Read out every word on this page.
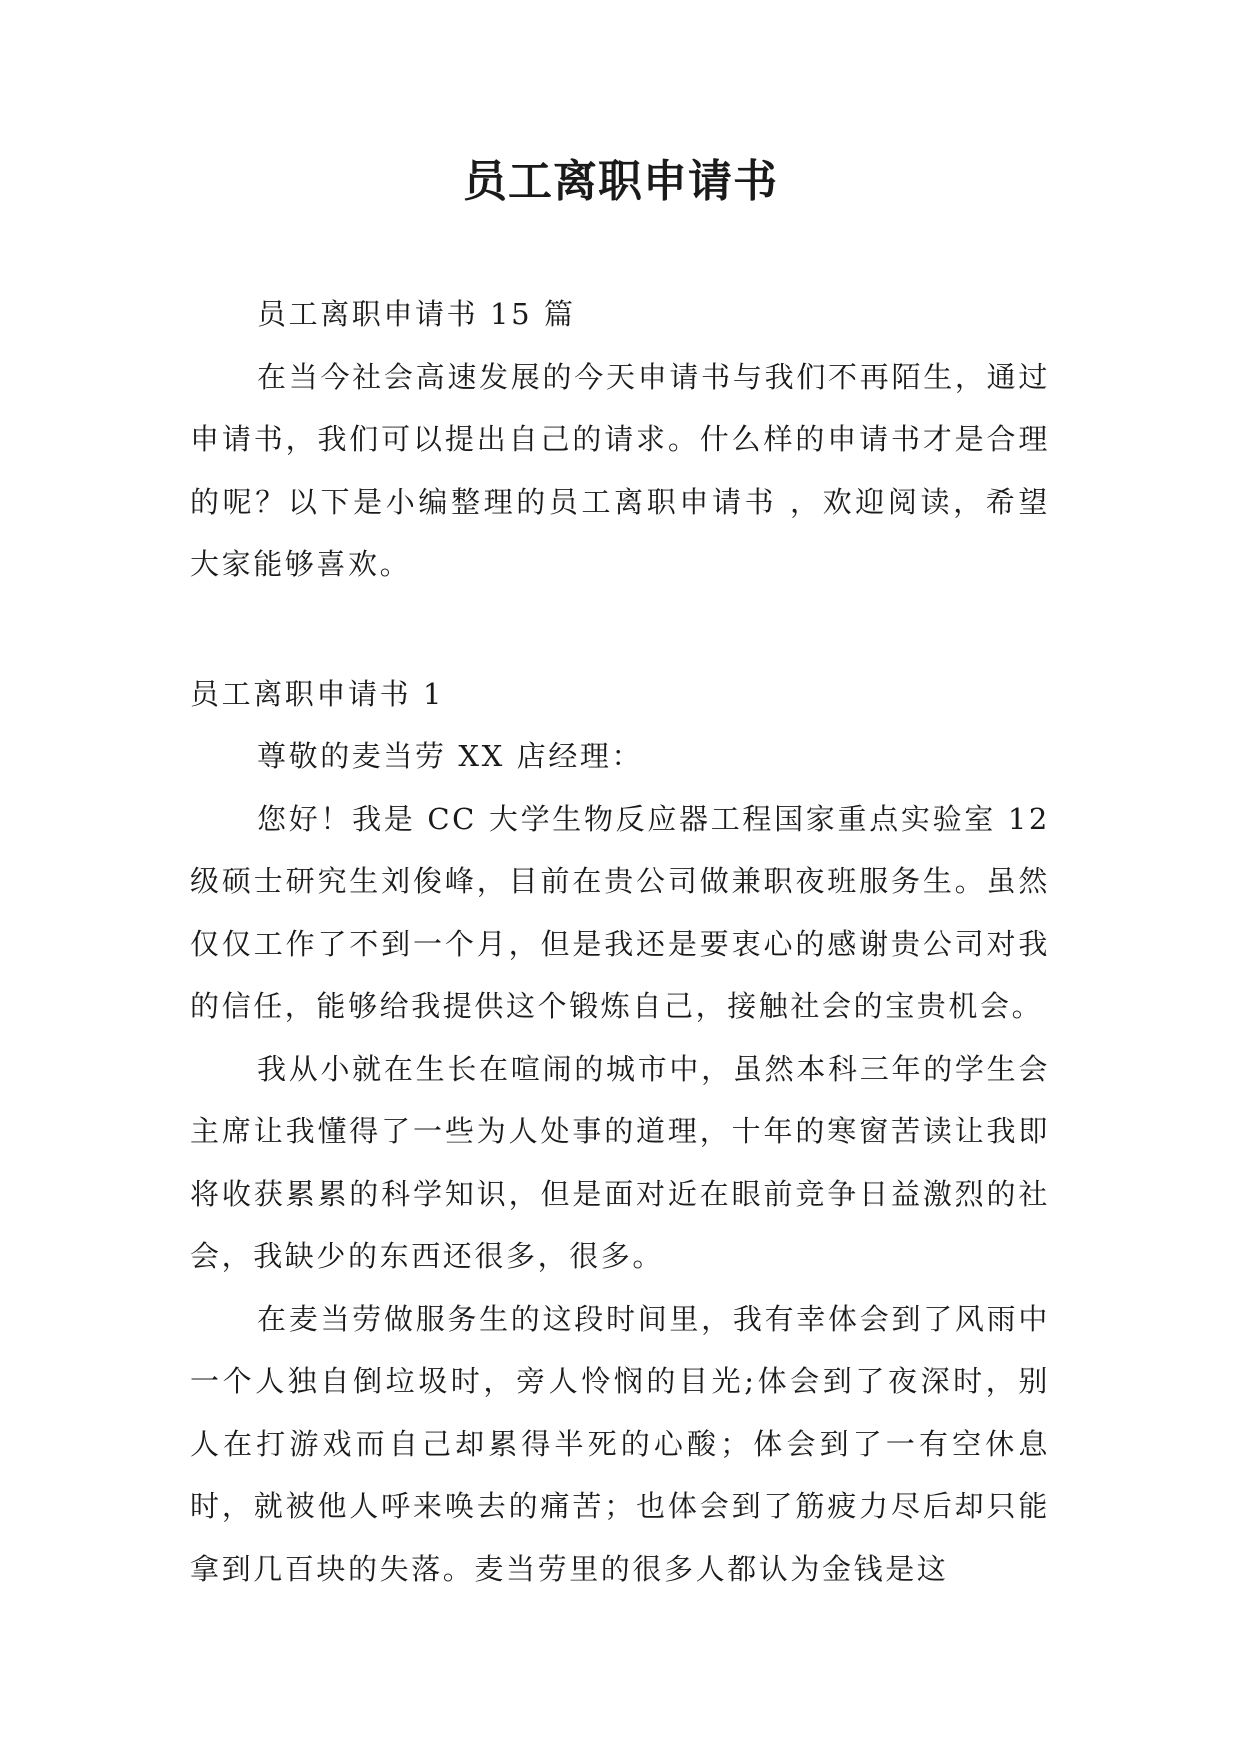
员工离职申请书

员工离职申请书 15 篇

在当今社会高速发展的今天申请书与我们不再陌生，通过申请书，我们可以提出自己的请求。什么样的申请书才是合理的呢？以下是小编整理的员工离职申请书 ，欢迎阅读，希望大家能够喜欢。

员工离职申请书 1

尊敬的麦当劳 XX 店经理：

您好！我是 CC 大学生物反应器工程国家重点实验室 12 级硕士研究生刘俊峰，目前在贵公司做兼职夜班服务生。虽然仅仅工作了不到一个月，但是我还是要衷心的感谢贵公司对我的信任，能够给我提供这个锻炼自己，接触社会的宝贵机会。

我从小就在生长在喧闹的城市中，虽然本科三年的学生会主席让我懂得了一些为人处事的道理，十年的寒窗苦读让我即将收获累累的科学知识，但是面对近在眼前竞争日益激烈的社会，我缺少的东西还很多，很多。

在麦当劳做服务生的这段时间里，我有幸体会到了风雨中一个人独自倒垃圾时，旁人怜悯的目光;体会到了夜深时，别人在打游戏而自己却累得半死的心酸；体会到了一有空休息时，就被他人呼来唤去的痛苦；也体会到了筋疲力尽后却只能拿到几百块的失落。麦当劳里的很多人都认为金钱是这
